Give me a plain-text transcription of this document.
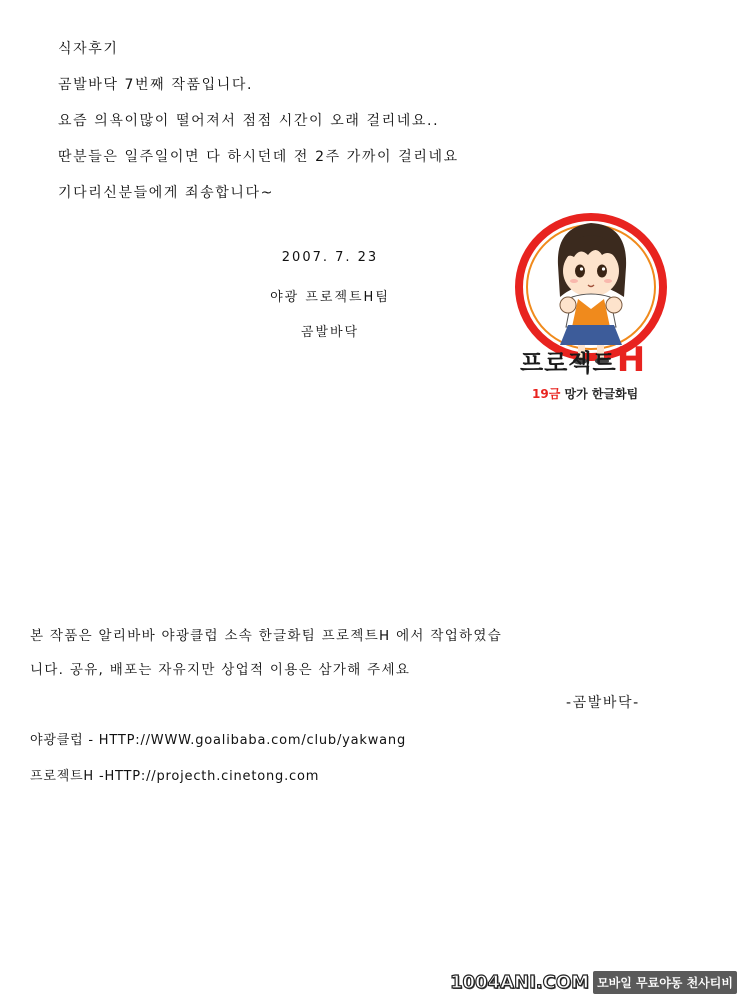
식자후기
곰발바닥 7번째 작품입니다.
요즘 의욕이많이 떨어져서 점점 시간이 오래 걸리네요..
딴분들은 일주일이면 다 하시던데 전 2주 가까이 걸리네요
기다리신분들에게 죄송합니다~
2007. 7. 23
야광 프로젝트H팀
곰발바닥
프로젝트H
19금 망가 한글화팀
본 작품은 알리바바 야광클럽 소속 한글화팀 프로젝트H 에서 작업하였습
니다. 공유, 배포는 자유지만 상업적 이용은 삼가해 주세요
-곰발바닥-
야광클럽 - HTTP://WWW.goalibaba.com/club/yakwang
프로젝트H -HTTP://projecth.cinetong.com
1004ANI.COM 모바일 무료야동 천사티비
